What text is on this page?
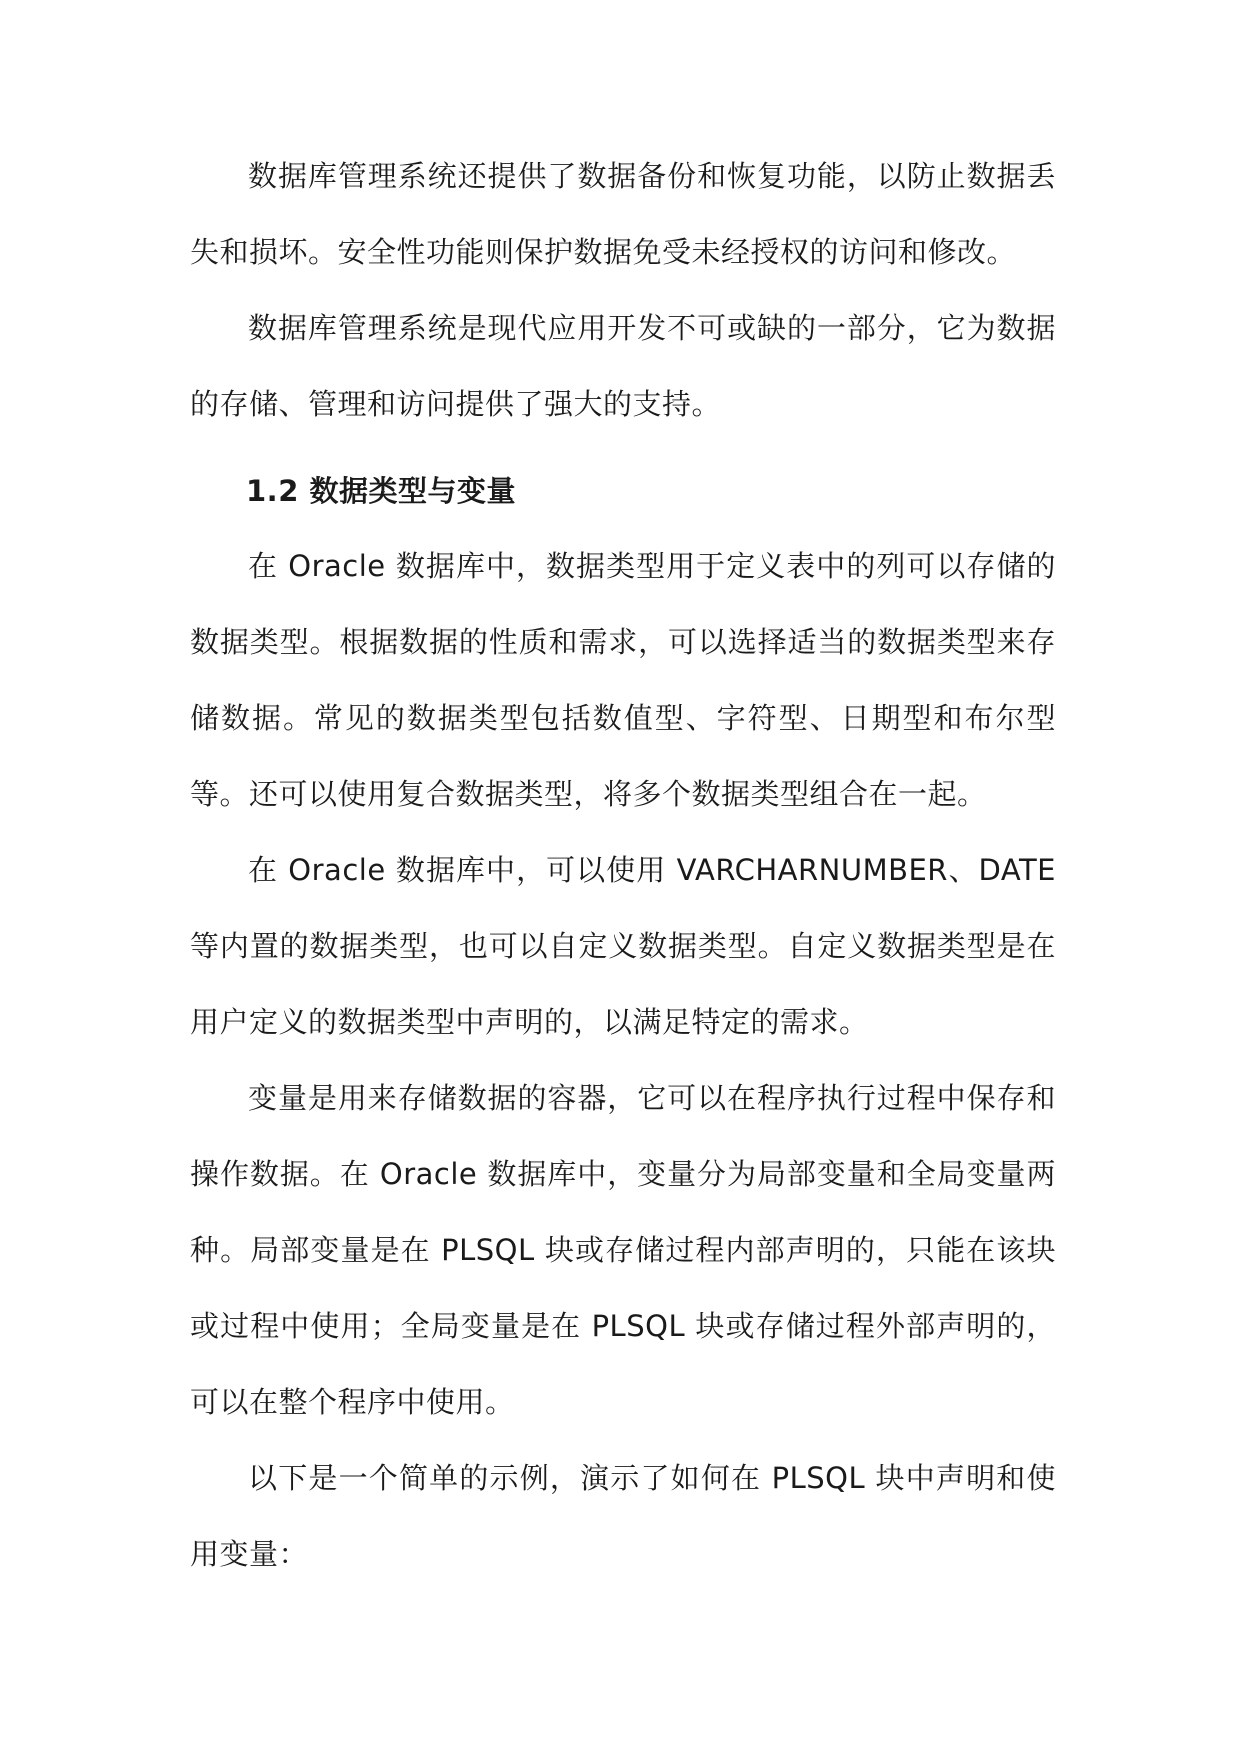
数据库管理系统还提供了数据备份和恢复功能，以防止数据丢失和损坏。安全性功能则保护数据免受未经授权的访问和修改。

数据库管理系统是现代应用开发不可或缺的一部分，它为数据的存储、管理和访问提供了强大的支持。

1.2 数据类型与变量

在 Oracle 数据库中，数据类型用于定义表中的列可以存储的数据类型。根据数据的性质和需求，可以选择适当的数据类型来存储数据。常见的数据类型包括数值型、字符型、日期型和布尔型等。还可以使用复合数据类型，将多个数据类型组合在一起。

在 Oracle 数据库中，可以使用 VARCHARNUMBER、DATE 等内置的数据类型，也可以自定义数据类型。自定义数据类型是在用户定义的数据类型中声明的，以满足特定的需求。

变量是用来存储数据的容器，它可以在程序执行过程中保存和操作数据。在 Oracle 数据库中，变量分为局部变量和全局变量两种。局部变量是在 PLSQL 块或存储过程内部声明的，只能在该块或过程中使用；全局变量是在 PLSQL 块或存储过程外部声明的，可以在整个程序中使用。

以下是一个简单的示例，演示了如何在 PLSQL 块中声明和使用变量：
